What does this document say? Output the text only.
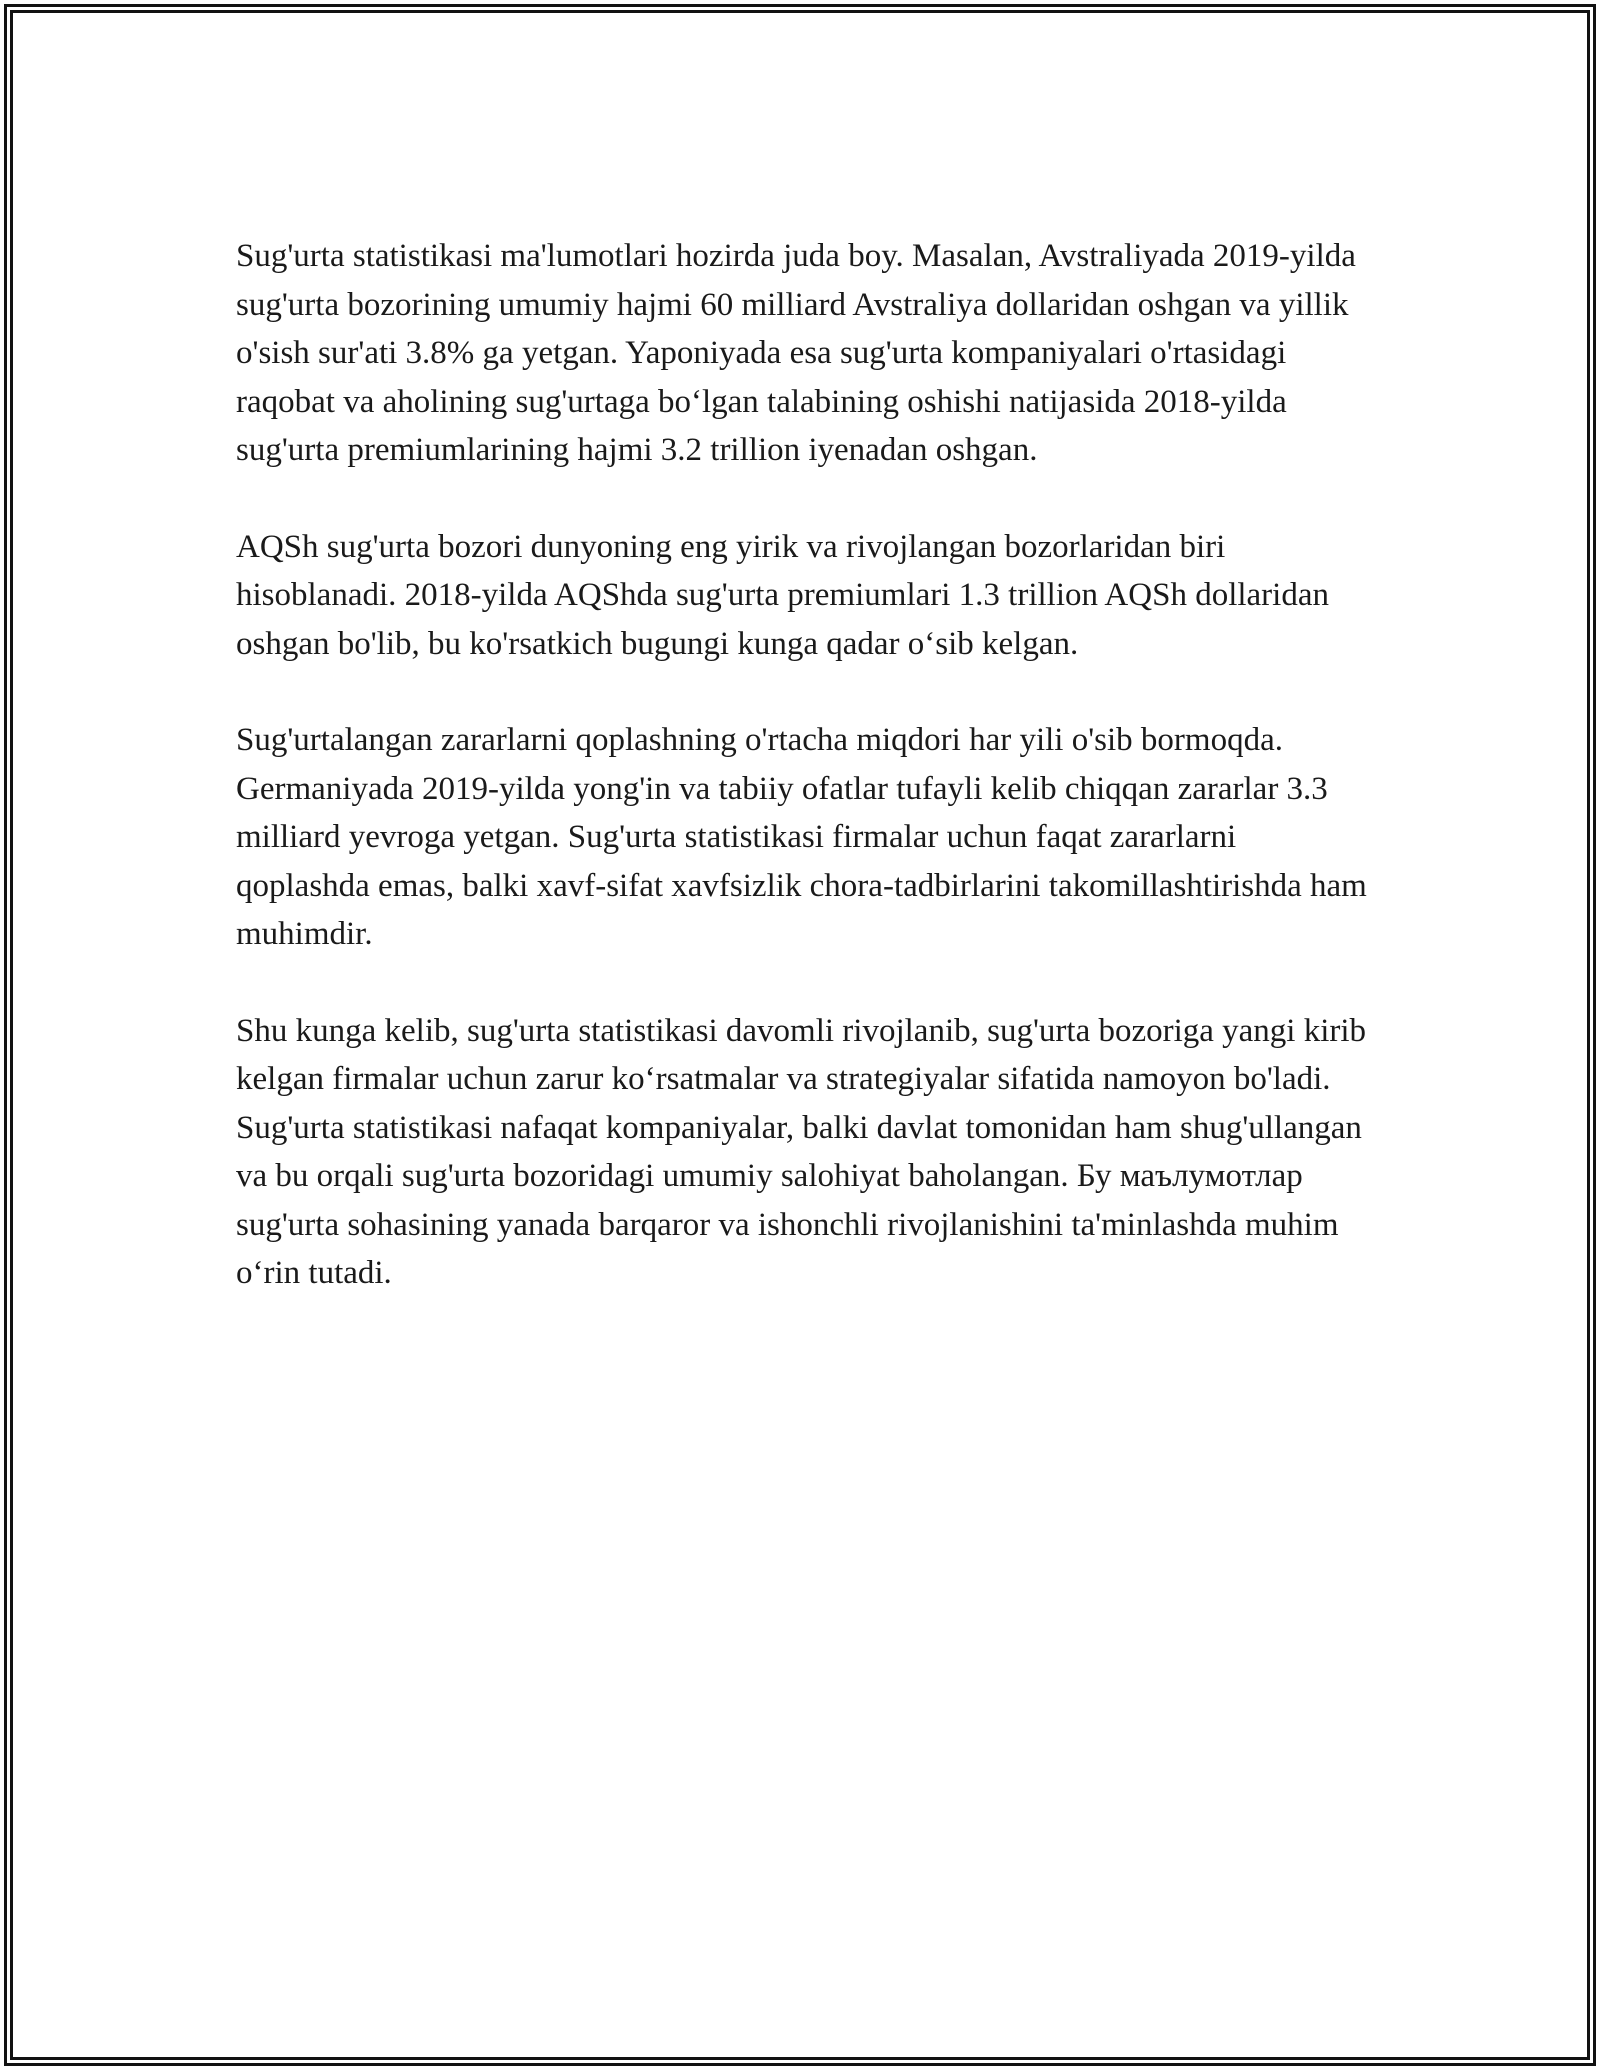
Sug'urta statistikasi ma'lumotlari hozirda juda boy. Masalan, Avstraliyada 2019-yilda sug'urta bozorining umumiy hajmi 60 milliard Avstraliya dollaridan oshgan va yillik o'sish sur'ati 3.8% ga yetgan. Yaponiyada esa sug'urta kompaniyalari o'rtasidagi raqobat va aholining sug'urtaga bo‘lgan talabining oshishi natijasida 2018-yilda sug'urta premiumlarining hajmi 3.2 trillion iyenadan oshgan.

AQSh sug'urta bozori dunyoning eng yirik va rivojlangan bozorlaridan biri hisoblanadi. 2018-yilda AQShda sug'urta premiumlari 1.3 trillion AQSh dollaridan oshgan bo'lib, bu ko'rsatkich bugungi kunga qadar o‘sib kelgan.

Sug'urtalangan zararlarni qoplashning o'rtacha miqdori har yili o'sib bormoqda. Germaniyada 2019-yilda yong'in va tabiiy ofatlar tufayli kelib chiqqan zararlar 3.3 milliard yevroga yetgan. Sug'urta statistikasi firmalar uchun faqat zararlarni qoplashda emas, balki xavf-sifat xavfsizlik chora-tadbirlarini takomillashtirishda ham muhimdir.

Shu kunga kelib, sug'urta statistikasi davomli rivojlanib, sug'urta bozoriga yangi kirib kelgan firmalar uchun zarur ko‘rsatmalar va strategiyalar sifatida namoyon bo'ladi. Sug'urta statistikasi nafaqat kompaniyalar, balki davlat tomonidan ham shug'ullangan va bu orqali sug'urta bozoridagi umumiy salohiyat baholangan. Бу маълумотлар sug'urta sohasining yanada barqaror va ishonchli rivojlanishini ta'minlashda muhim o‘rin tutadi.
